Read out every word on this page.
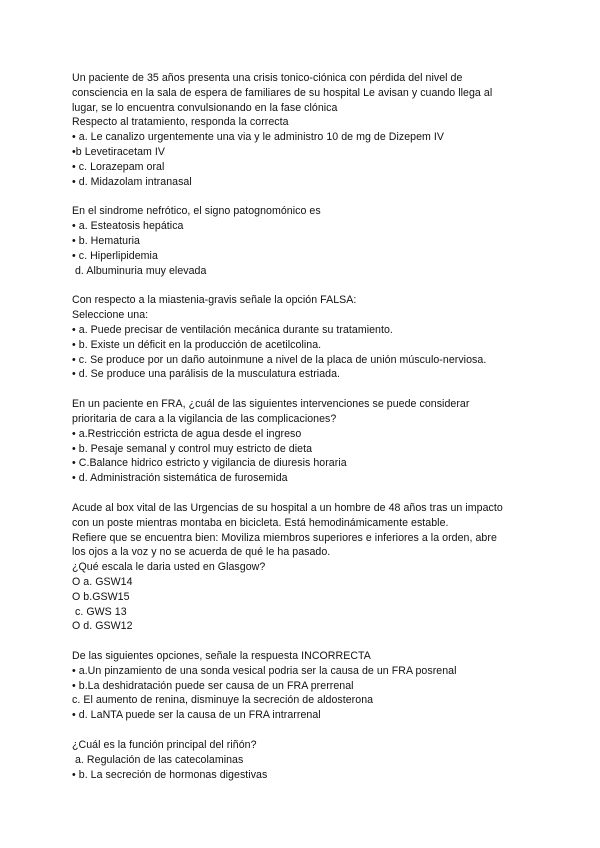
Un paciente de 35 años presenta una crisis tonico-ciónica con pérdida del nivel de
consciencia en la sala de espera de familiares de su hospital Le avisan y cuando llega al
lugar, se lo encuentra convulsionando en la fase clónica
Respecto al tratamiento, responda la correcta
• a. Le canalizo urgentemente una via y le administro 10 de mg de Dizepem IV
•b Levetiracetam IV
• c. Lorazepam oral
• d. Midazolam intranasal
En el sindrome nefrótico, el signo patognomónico es
• a. Esteatosis hepática
• b. Hematuria
• c. Hiperlipidemia
d. Albuminuria muy elevada
Con respecto a la miastenia-gravis señale la opción FALSA:
Seleccione una:
• a. Puede precisar de ventilación mecánica durante su tratamiento.
• b. Existe un déficit en la producción de acetilcolina.
• c. Se produce por un daño autoinmune a nivel de la placa de unión músculo-nerviosa.
• d. Se produce una parálisis de la musculatura estriada.
En un paciente en FRA, ¿cuál de las siguientes intervenciones se puede considerar
prioritaria de cara a la vigilancia de las complicaciones?
• a.Restricción estricta de agua desde el ingreso
• b. Pesaje semanal y control muy estricto de dieta
• C.Balance hidrico estricto y vigilancia de diuresis horaria
• d. Administración sistemática de furosemida
Acude al box vital de las Urgencias de su hospital a un hombre de 48 años tras un impacto
con un poste mientras montaba en bicicleta. Está hemodinámicamente estable.
Refiere que se encuentra bien: Moviliza miembros superiores e inferiores a la orden, abre
los ojos a la voz y no se acuerda de qué le ha pasado.
¿Qué escala le daria usted en Glasgow?
O a. GSW14
O b.GSW15
c. GWS 13
O d. GSW12
De las siguientes opciones, señale la respuesta INCORRECTA
• a.Un pinzamiento de una sonda vesical podria ser la causa de un FRA posrenal
• b.La deshidratación puede ser causa de un FRA prerrenal
c. El aumento de renina, disminuye la secreción de aldosterona
• d. LaNTA puede ser la causa de un FRA intrarrenal
¿Cuál es la función principal del riñón?
a. Regulación de las catecolaminas
• b. La secreción de hormonas digestivas
